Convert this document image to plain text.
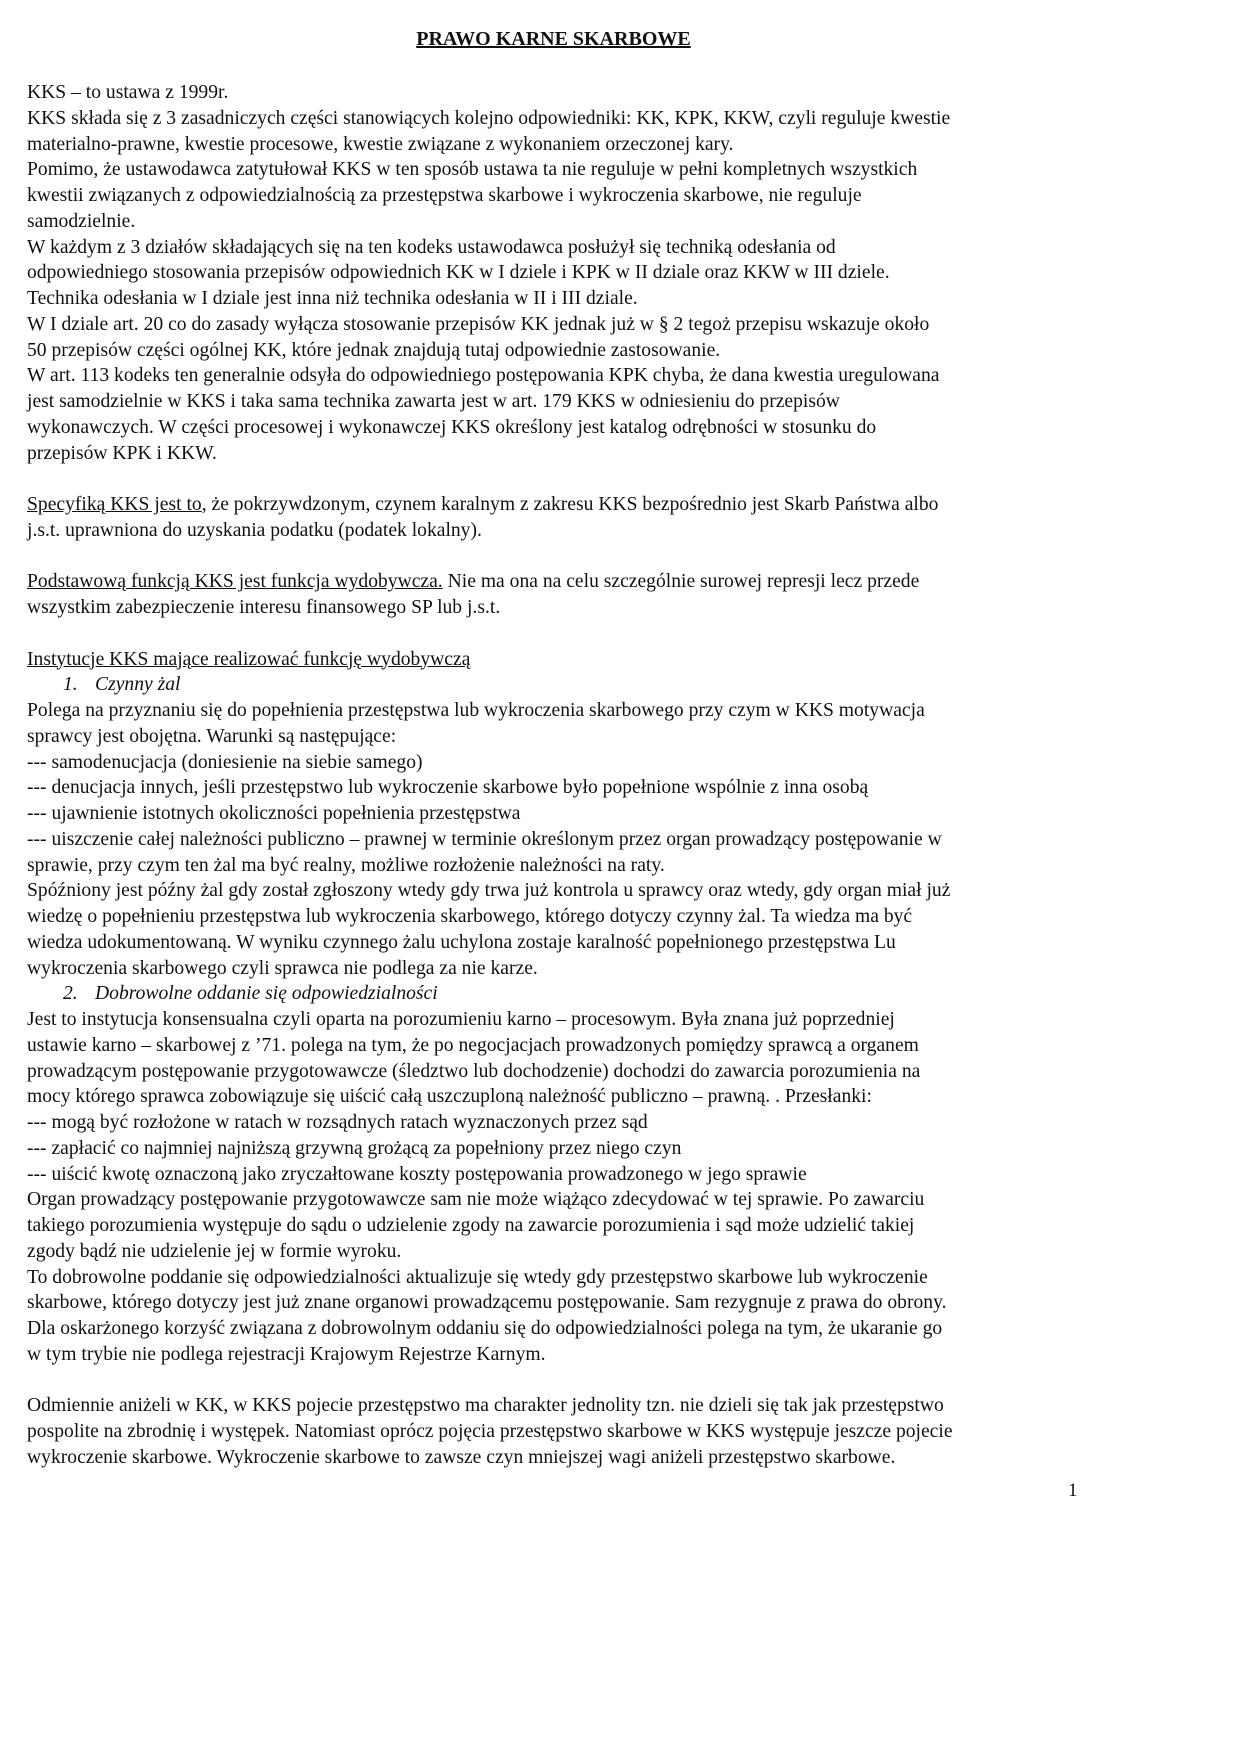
PRAWO KARNE SKARBOWE
KKS – to ustawa z 1999r.
KKS składa się z 3 zasadniczych części stanowiących kolejno odpowiedniki: KK, KPK, KKW, czyli reguluje kwestie
materialno-prawne, kwestie procesowe, kwestie związane z wykonaniem orzeczonej kary.
Pomimo, że ustawodawca zatytułował KKS w ten sposób ustawa ta nie reguluje w pełni kompletnych wszystkich
kwestii związanych z odpowiedzialnością za przestępstwa skarbowe i wykroczenia skarbowe, nie reguluje
samodzielnie.
W każdym z 3 działów składających się na ten kodeks ustawodawca posłużył się techniką odesłania od
odpowiedniego stosowania przepisów odpowiednich KK w I dziele i KPK w II dziale oraz KKW w III dziele.
Technika odesłania w I dziale jest inna niż technika odesłania w II i III dziale.
W I dziale art. 20 co do zasady wyłącza stosowanie przepisów KK jednak już w § 2 tegoż przepisu wskazuje około
50 przepisów części ogólnej KK, które jednak znajdują tutaj odpowiednie zastosowanie.
W art. 113 kodeks ten generalnie odsyła do odpowiedniego postępowania KPK chyba, że dana kwestia uregulowana
jest samodzielnie w KKS i taka sama technika zawarta jest w art. 179 KKS w odniesieniu do przepisów
wykonawczych. W części procesowej i wykonawczej KKS określony jest katalog odrębności w stosunku do
przepisów KPK i KKW.
Specyfiką KKS jest to, że pokrzywdzonym, czynem karalnym z zakresu KKS bezpośrednio jest Skarb Państwa albo
j.s.t. uprawniona do uzyskania podatku (podatek lokalny).
Podstawową funkcją KKS jest funkcja wydobywcza. Nie ma ona na celu szczególnie surowej represji lecz przede
wszystkim zabezpieczenie interesu finansowego SP lub j.s.t.
Instytucje KKS mające realizować funkcję wydobywczą
1. Czynny żal
Polega na przyznaniu się do popełnienia przestępstwa lub wykroczenia skarbowego przy czym w KKS motywacja
sprawcy jest obojętna. Warunki są następujące:
--- samodenucjacja (doniesienie na siebie samego)
--- denucjacja innych, jeśli przestępstwo lub wykroczenie skarbowe było popełnione wspólnie z inna osobą
--- ujawnienie istotnych okoliczności popełnienia przestępstwa
--- uiszczenie całej należności publiczno – prawnej w terminie określonym przez organ prowadzący postępowanie w
sprawie, przy czym ten żal ma być realny, możliwe rozłożenie należności na raty.
Spóźniony jest późny żal gdy został zgłoszony wtedy gdy trwa już kontrola u sprawcy oraz wtedy, gdy organ miał już
wiedzę o popełnieniu przestępstwa lub wykroczenia skarbowego, którego dotyczy czynny żal. Ta wiedza ma być
wiedza udokumentowaną. W wyniku czynnego żalu uchylona zostaje karalność popełnionego przestępstwa Lu
wykroczenia skarbowego czyli sprawca nie podlega za nie karze.
2. Dobrowolne oddanie się odpowiedzialności
Jest to instytucja konsensualna czyli oparta na porozumieniu karno – procesowym. Była znana już poprzedniej
ustawie karno – skarbowej z ’71. polega na tym, że po negocjacjach prowadzonych pomiędzy sprawcą a organem
prowadzącym postępowanie przygotowawcze (śledztwo lub dochodzenie) dochodzi do zawarcia porozumienia na
mocy którego sprawca zobowiązuje się uiścić całą uszczuploną należność publiczno – prawną. . Przesłanki:
--- mogą być rozłożone w ratach w rozsądnych ratach wyznaczonych przez sąd
--- zapłacić co najmniej najniższą grzywną grożącą za popełniony przez niego czyn
--- uiścić kwotę oznaczoną jako zryczałtowane koszty postępowania prowadzonego w jego sprawie
Organ prowadzący postępowanie przygotowawcze sam nie może wiążąco zdecydować w tej sprawie. Po zawarciu
takiego porozumienia występuje do sądu o udzielenie zgody na zawarcie porozumienia i sąd może udzielić takiej
zgody bądź nie udzielenie jej w formie wyroku.
To dobrowolne poddanie się odpowiedzialności aktualizuje się wtedy gdy przestępstwo skarbowe lub wykroczenie
skarbowe, którego dotyczy jest już znane organowi prowadzącemu postępowanie. Sam rezygnuje z prawa do obrony.
Dla oskarżonego korzyść związana z dobrowolnym oddaniu się do odpowiedzialności polega na tym, że ukaranie go
w tym trybie nie podlega rejestracji Krajowym Rejestrze Karnym.
Odmiennie aniżeli w KK, w KKS pojecie przestępstwo ma charakter jednolity tzn. nie dzieli się tak jak przestępstwo
pospolite na zbrodnię i występek. Natomiast oprócz pojęcia przestępstwo skarbowe w KKS występuje jeszcze pojecie
wykroczenie skarbowe. Wykroczenie skarbowe to zawsze czyn mniejszej wagi aniżeli przestępstwo skarbowe.
1
